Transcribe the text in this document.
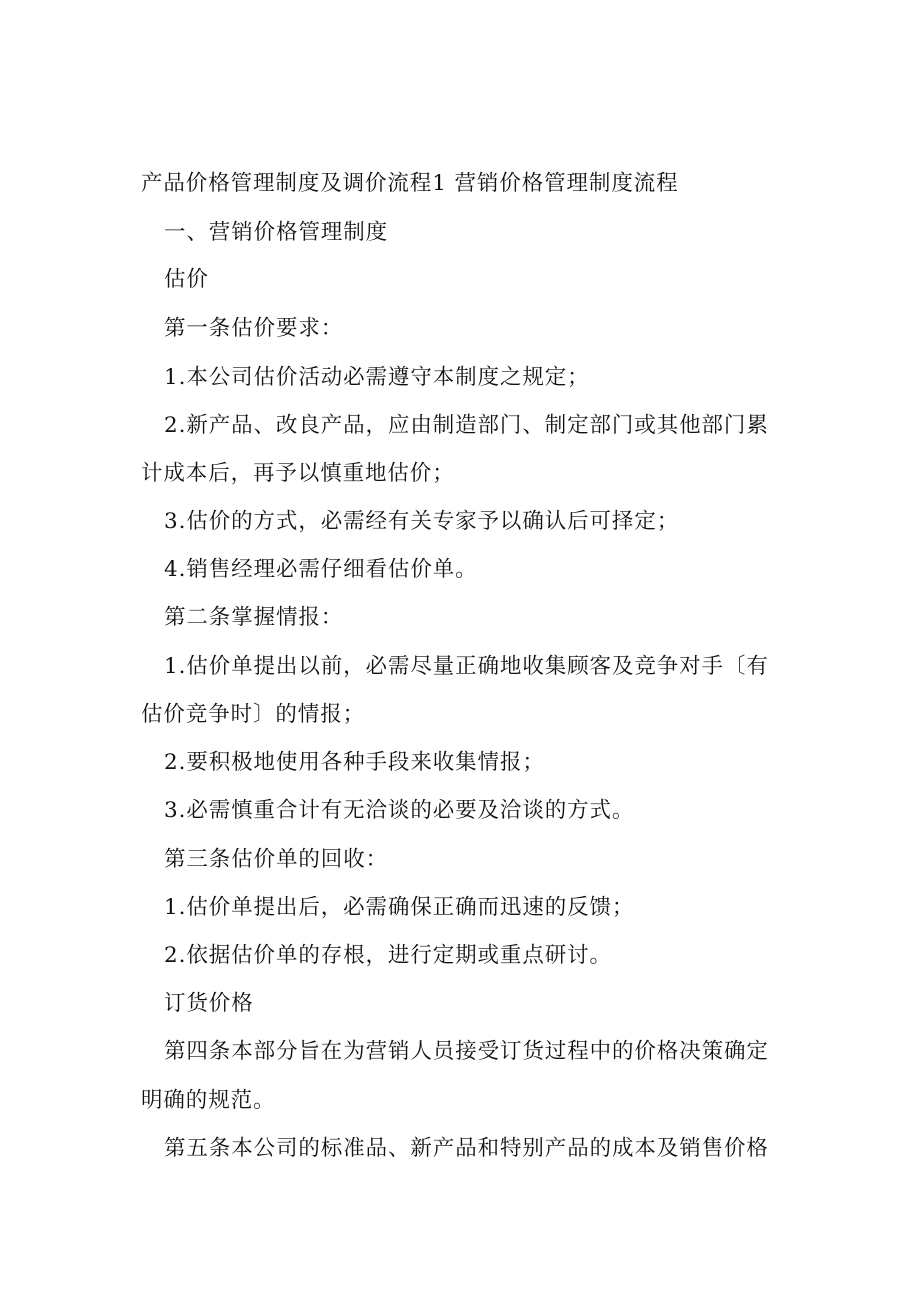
产品价格管理制度及调价流程1 营销价格管理制度流程
一、营销价格管理制度
估价
第一条估价要求：
1.本公司估价活动必需遵守本制度之规定；
2.新产品、改良产品，应由制造部门、制定部门或其他部门累
计成本后，再予以慎重地估价；
3.估价的方式，必需经有关专家予以确认后可择定；
4.销售经理必需仔细看估价单。
第二条掌握情报：
1.估价单提出以前，必需尽量正确地收集顾客及竞争对手〔有
估价竞争时〕的情报；
2.要积极地使用各种手段来收集情报；
3.必需慎重合计有无洽谈的必要及洽谈的方式。
第三条估价单的回收：
1.估价单提出后，必需确保正确而迅速的反馈；
2.依据估价单的存根，进行定期或重点研讨。
订货价格
第四条本部分旨在为营销人员接受订货过程中的价格决策确定
明确的规范。
第五条本公司的标准品、新产品和特别产品的成本及销售价格
